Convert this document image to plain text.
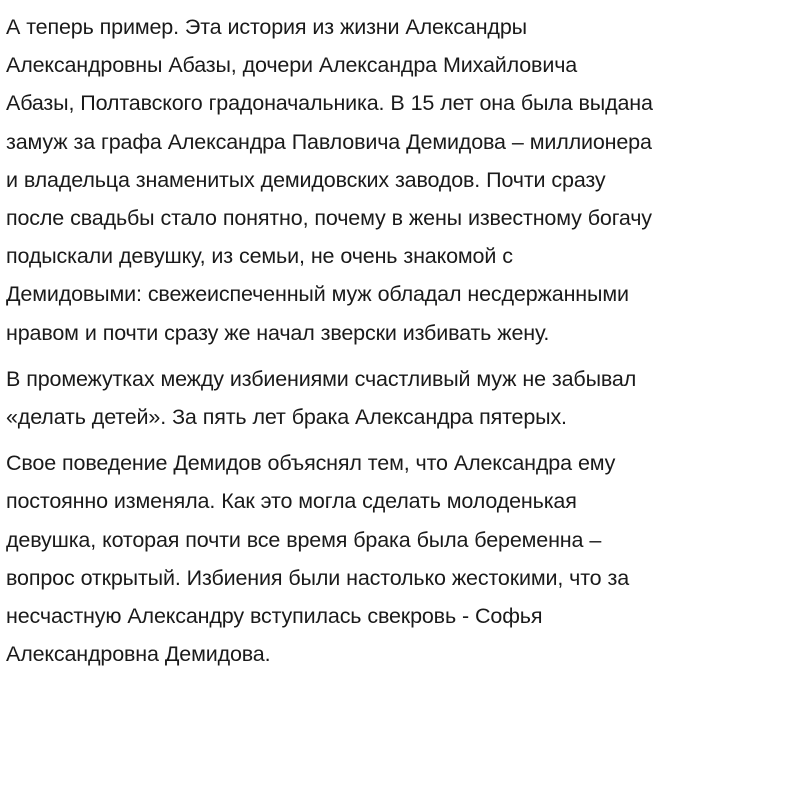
А теперь пример. Эта история из жизни Александры
Александровны Абазы, дочери Александра Михайловича
Абазы, Полтавского градоначальника. В 15 лет она была выдана
замуж за графа Александра Павловича Демидова – миллионера
и владельца знаменитых демидовских заводов. Почти сразу
после свадьбы стало понятно, почему в жены известному богачу
подыскали девушку, из семьи, не очень знакомой с
Демидовыми: свежеиспеченный муж обладал несдержанными
нравом и почти сразу же начал зверски избивать жену.

В промежутках между избиениями счастливый муж не забывал
«делать детей». За пять лет брака Александра пятерых.

Свое поведение Демидов объяснял тем, что Александра ему
постоянно изменяла. Как это могла сделать молоденькая
девушка, которая почти все время брака была беременна –
вопрос открытый. Избиения были настолько жестокими, что за
несчастную Александру вступилась свекровь - Софья
Александровна Демидова.
